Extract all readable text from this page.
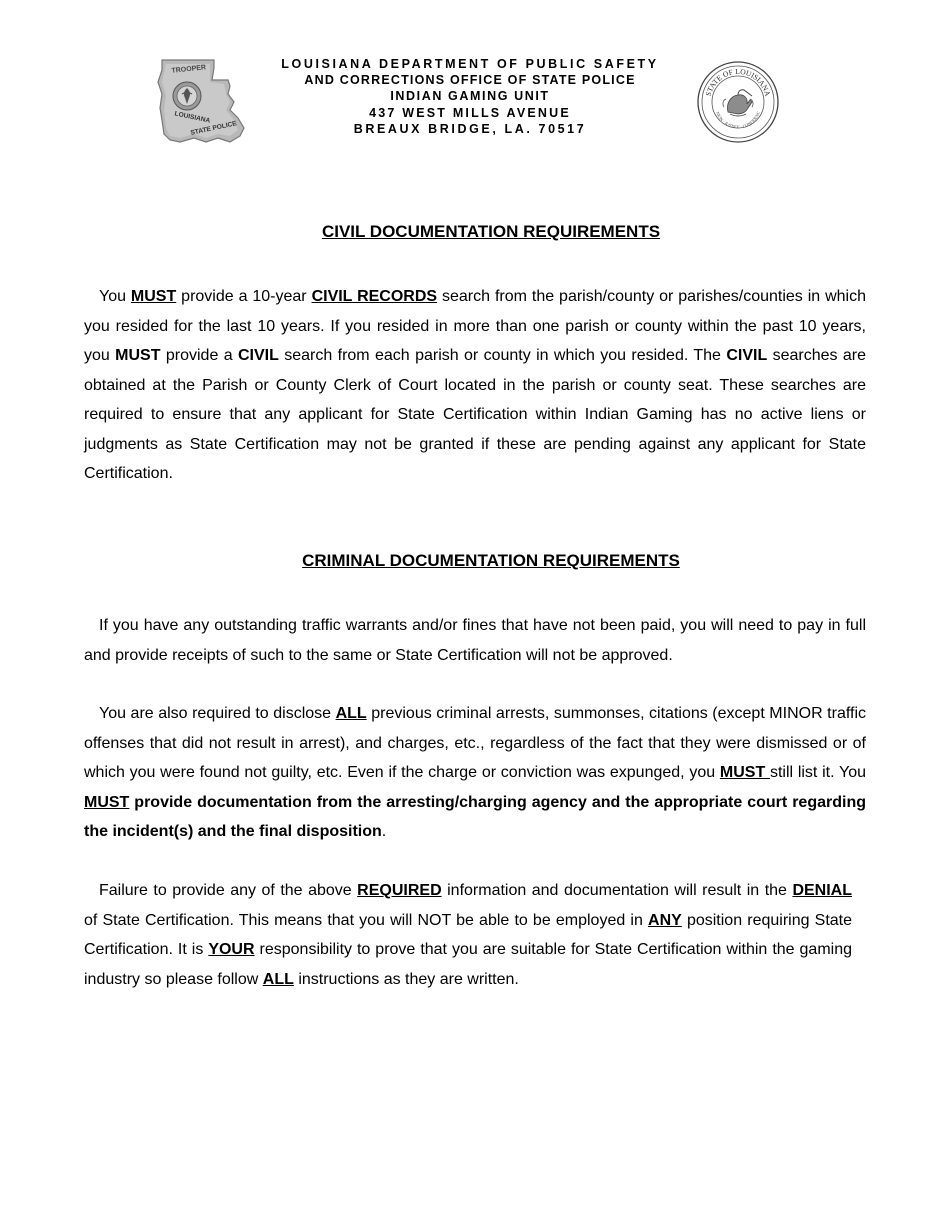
TROOPER
LOUISIANA
STATE POLICE
LOUISIANA DEPARTMENT OF PUBLIC SAFETY
AND CORRECTIONS OFFICE OF STATE POLICE
INDIAN GAMING UNIT
437 WEST MILLS AVENUE
BREAUX BRIDGE, LA. 70517
STATE OF LOUISIANA
NION · JUSTICE · CONFIDENC
CIVIL DOCUMENTATION REQUIREMENTS
You MUST provide a 10-year CIVIL RECORDS search from the parish/county or parishes/counties in which you resided for the last 10 years. If you resided in more than one parish or county within the past 10 years, you MUST provide a CIVIL search from each parish or county in which you resided. The CIVIL searches are obtained at the Parish or County Clerk of Court located in the parish or county seat. These searches are required to ensure that any applicant for State Certification within Indian Gaming has no active liens or judgments as State Certification may not be granted if these are pending against any applicant for State Certification.
CRIMINAL DOCUMENTATION REQUIREMENTS
If you have any outstanding traffic warrants and/or fines that have not been paid, you will need to pay in full and provide receipts of such to the same or State Certification will not be approved.
You are also required to disclose ALL previous criminal arrests, summonses, citations (except MINOR traffic offenses that did not result in arrest), and charges, etc., regardless of the fact that they were dismissed or of which you were found not guilty, etc. Even if the charge or conviction was expunged, you MUST still list it. You MUST provide documentation from the arresting/charging agency and the appropriate court regarding the incident(s) and the final disposition.
Failure to provide any of the above REQUIRED information and documentation will result in the DENIAL of State Certification. This means that you will NOT be able to be employed in ANY position requiring State Certification. It is YOUR responsibility to prove that you are suitable for State Certification within the gaming industry so please follow ALL instructions as they are written.
